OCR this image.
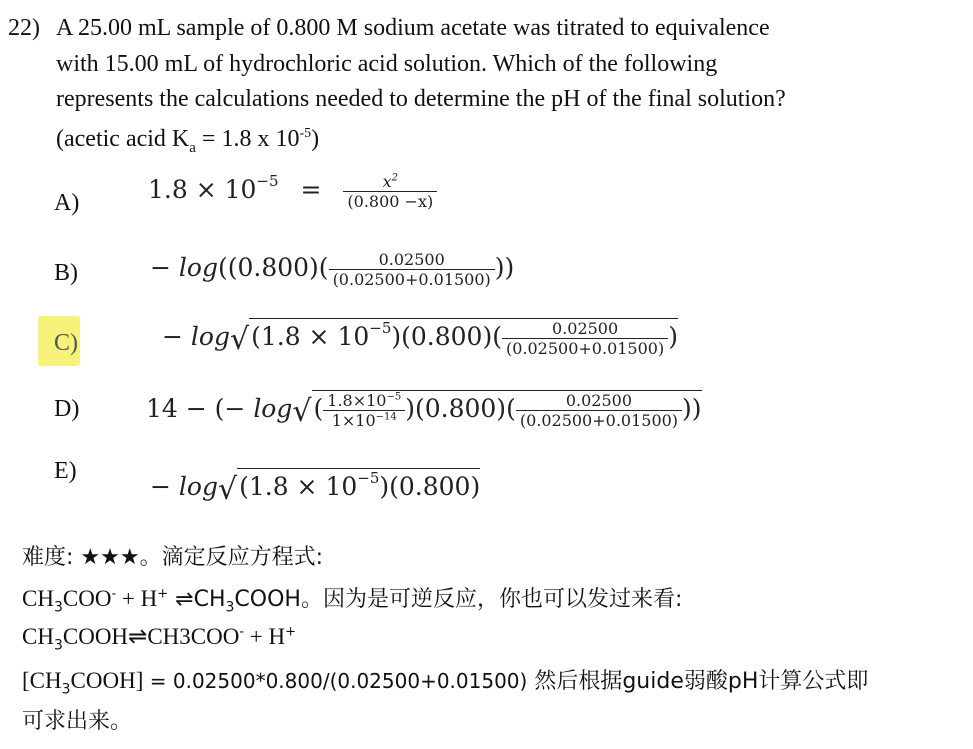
22) A 25.00 mL sample of 0.800 M sodium acetate was titrated to equivalence
with 15.00 mL of hydrochloric acid solution. Which of the following
represents the calculations needed to determine the pH of the final solution?
(acetic acid $K_a = 1.8$ x $10^{-5}$)
A)
B)
C)
D)
E)
$1.8 \times 10^{-5} = \frac{x^2}{(0.800 -x)}$
− $\log((0.800)( \frac{0.02500}{(0.02500+0.01500)}$ ))
− $\log√(1.8 \times 10^{-5})(0.800)( \frac{0.02500}{(0.02500+0.01500)}$ )
14 − (− $\log√( \frac{1.8\times 10^{-5}}{1\times 10^{-14}} )(0.800)( \frac{0.02500}{(0.02500+0.01500)}$ ))
− $\log√(1.8 \times 10^{-5})(0.800)$
难度: ★★★。滴定反应方程式:
$CH_3COO^- + H^+$ $\rightleftharpoons CH_3COOH$。因为是可逆反应，你也可以发过来看:
$CH_3COOH\rightleftharpoons CH3COO^- + H^+$
$[CH_3COOH] = 0.02500*0.800/(0.02500+0.01500)$ 然后根据guide弱酸pH计算公式即
可求出来。
